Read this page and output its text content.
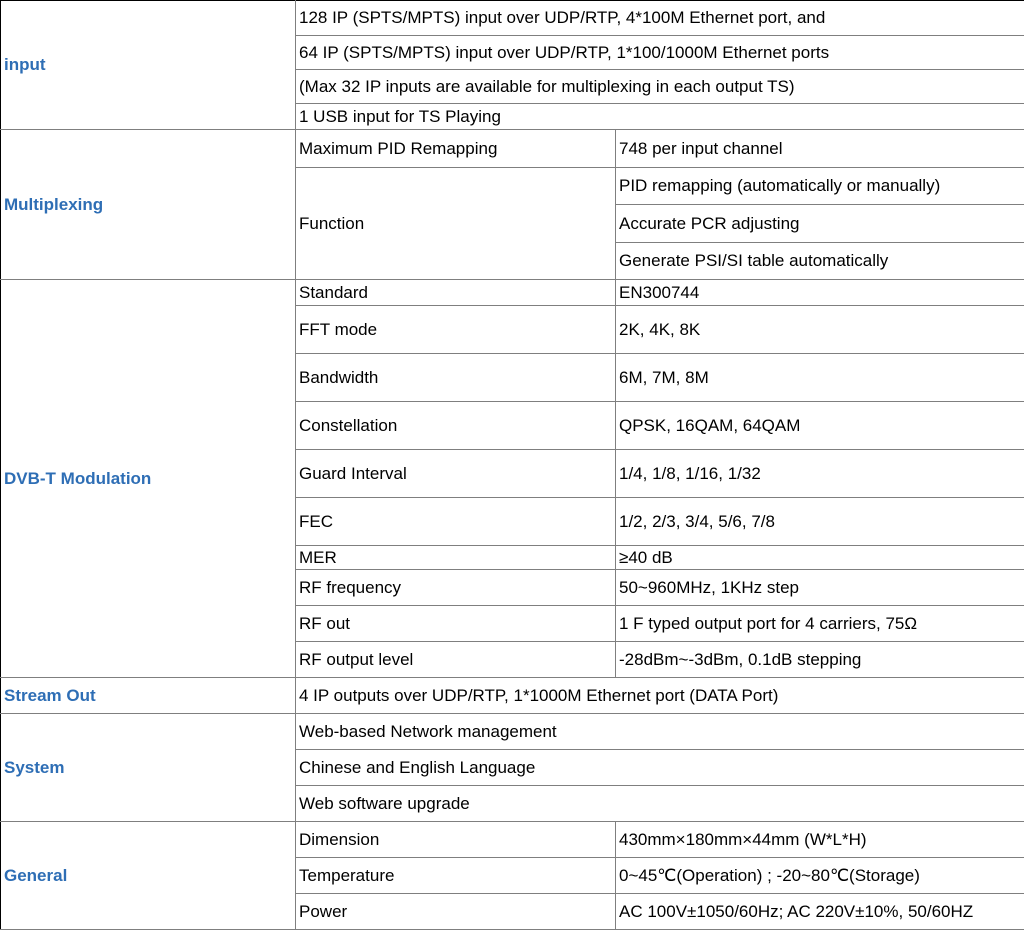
input	128 IP (SPTS/MPTS) input over UDP/RTP, 4*100M Ethernet port, and	
	64 IP (SPTS/MPTS) input over UDP/RTP, 1*100/1000M Ethernet ports	
	(Max 32 IP inputs are available for multiplexing in each output TS)	
	1 USB input for TS Playing	
Multiplexing	Maximum PID Remapping	748 per input channel
	Function	PID remapping (automatically or manually)
		Accurate PCR adjusting
		Generate PSI/SI table automatically
DVB-T Modulation	Standard	EN300744
	FFT mode	2K, 4K, 8K
	Bandwidth	6M, 7M, 8M
	Constellation	QPSK, 16QAM, 64QAM
	Guard Interval	1/4, 1/8, 1/16, 1/32
	FEC	1/2, 2/3, 3/4, 5/6, 7/8
	MER	≥40 dB
	RF frequency	50~960MHz, 1KHz step
	RF out	1 F typed output port for 4 carriers, 75Ω
	RF output level	-28dBm~-3dBm, 0.1dB stepping
Stream Out	4 IP outputs over UDP/RTP, 1*1000M Ethernet port (DATA Port)	
System	Web-based Network management	
	Chinese and English Language	
	Web software upgrade	
General	Dimension	430mm×180mm×44mm (W*L*H)
	Temperature	0~45℃(Operation) ; -20~80℃(Storage)
	Power	AC 100V±1050/60Hz; AC 220V±10%, 50/60HZ
